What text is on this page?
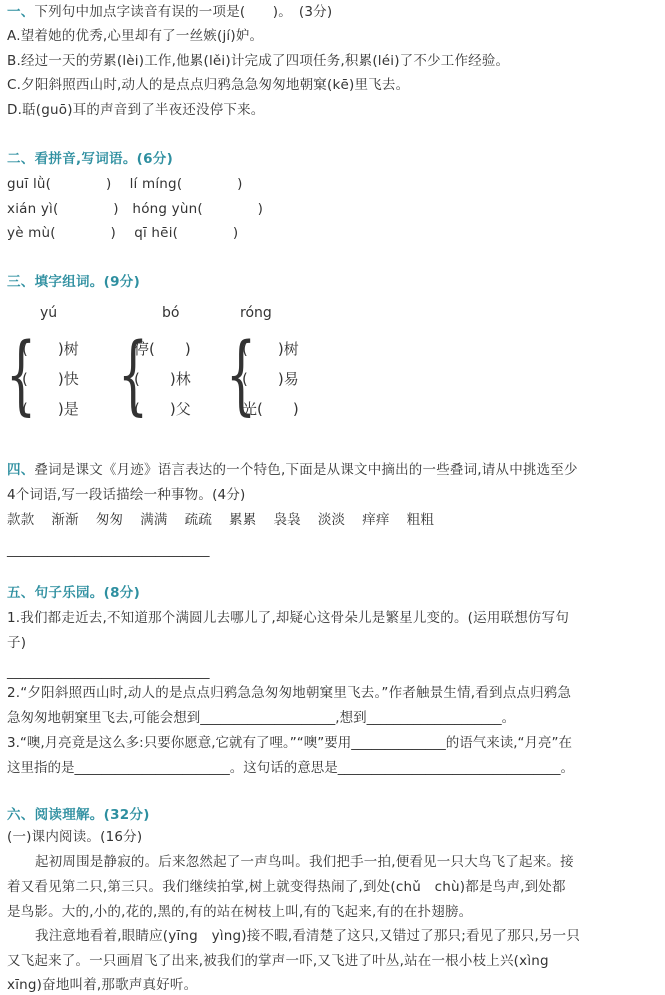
一、下列句中加点字读音有误的一项是(　　)。　(3分)

A.望着她的优秀,心里却有了一丝嫉(jí)妒。

B.经过一天的劳累(lèi)工作,他累(lěi)计完成了四项任务,积累(léi)了不少工作经验。

C.夕阳斜照西山时,动人的是点点归鸦急急匆匆地朝窠(kē)里飞去。

D.聒(guō)耳的声音到了半夜还没停下来。

二、看拼音,写词语。(6分)

guī lǜ(　　　　)　 lí míng(　　　　)

xián yì(　　　　)　hóng yùn(　　　　)

yè mù(　　　　)　 qī hēi(　　　　)

三、填字组词。(9分)

yú	bó	róng
{
(　　)树
(　　)快
(　　)是 {
停(　　)
(　　)林
(　　)父 {
(　　)树
(　　)易
光(　　)

四、叠词是课文《月迹》语言表达的一个特色,下面是从课文中摘出的一些叠词,请从中挑选至少

4个词语,写一段话描绘一种事物。(4分)

款款 渐渐 匆匆 满满 疏疏 累累 袅袅 淡淡 痒痒 粗粗

______________________________

五、句子乐园。(8分)

1.我们都走近去,不知道那个满圆儿去哪儿了,却疑心这骨朵儿是繁星儿变的。(运用联想仿写句

子)

______________________________

2.“夕阳斜照西山时,动人的是点点归鸦急急匆匆地朝窠里飞去。”作者触景生情,看到点点归鸦急

急匆匆地朝窠里飞去,可能会想到____________________,想到____________________。

3.“噢,月亮竟是这么多:只要你愿意,它就有了哩。”“噢”要用______________的语气来读,“月亮”在

这里指的是_______________________。这句话的意思是_________________________________。

六、阅读理解。(32分)

(一)课内阅读。(16分)

起初周围是静寂的。后来忽然起了一声鸟叫。我们把手一拍,便看见一只大鸟飞了起来。接

着又看见第二只,第三只。我们继续拍掌,树上就变得热闹了,到处(chǔ　chù)都是鸟声,到处都

是鸟影。大的,小的,花的,黑的,有的站在树枝上叫,有的飞起来,有的在扑翅膀。

我注意地看着,眼睛应(yīng　yìng)接不暇,看清楚了这只,又错过了那只;看见了那只,另一只

又飞起来了。一只画眉飞了出来,被我们的掌声一吓,又飞进了叶丛,站在一根小枝上兴(xìng

xīng)奋地叫着,那歌声真好听。
